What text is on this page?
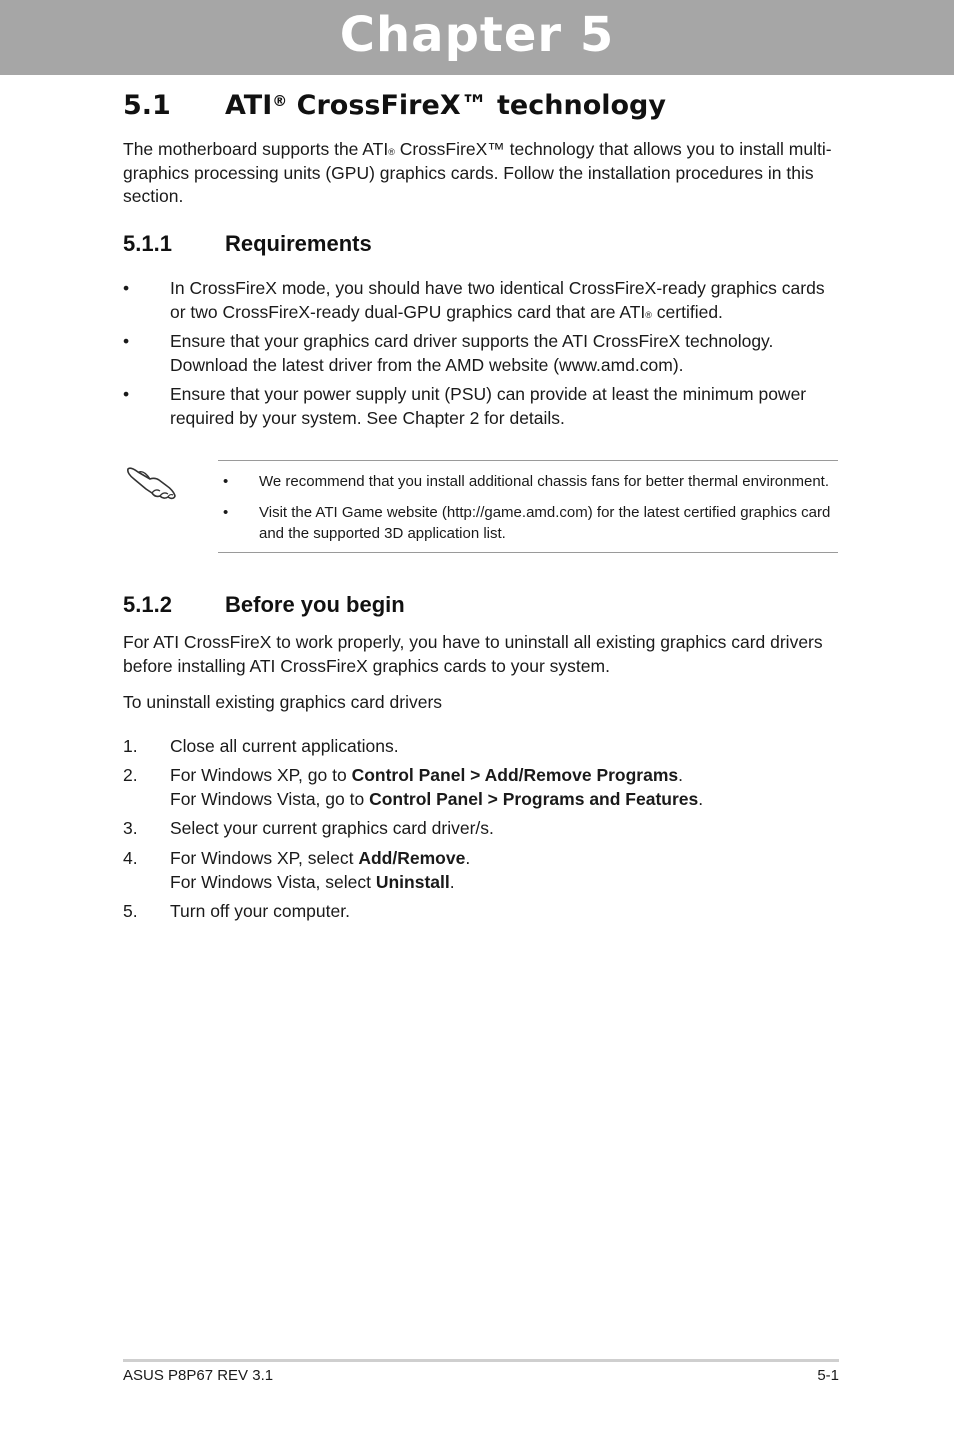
Chapter 5
5.1 ATI® CrossFireX™ technology
The motherboard supports the ATI® CrossFireX™ technology that allows you to install multi-graphics processing units (GPU) graphics cards. Follow the installation procedures in this section.
5.1.1 Requirements
• In CrossFireX mode, you should have two identical CrossFireX-ready graphics cards or two CrossFireX-ready dual-GPU graphics card that are ATI® certified.
• Ensure that your graphics card driver supports the ATI CrossFireX technology. Download the latest driver from the AMD website (www.amd.com).
• Ensure that your power supply unit (PSU) can provide at least the minimum power required by your system. See Chapter 2 for details.
• We recommend that you install additional chassis fans for better thermal environment.
• Visit the ATI Game website (http://game.amd.com) for the latest certified graphics card and the supported 3D application list.
5.1.2 Before you begin
For ATI CrossFireX to work properly, you have to uninstall all existing graphics card drivers before installing ATI CrossFireX graphics cards to your system.
To uninstall existing graphics card drivers
1. Close all current applications.
2. For Windows XP, go to Control Panel > Add/Remove Programs.
For Windows Vista, go to Control Panel > Programs and Features.
3. Select your current graphics card driver/s.
4. For Windows XP, select Add/Remove.
For Windows Vista, select Uninstall.
5. Turn off your computer.
ASUS P8P67 REV 3.1	5-1
